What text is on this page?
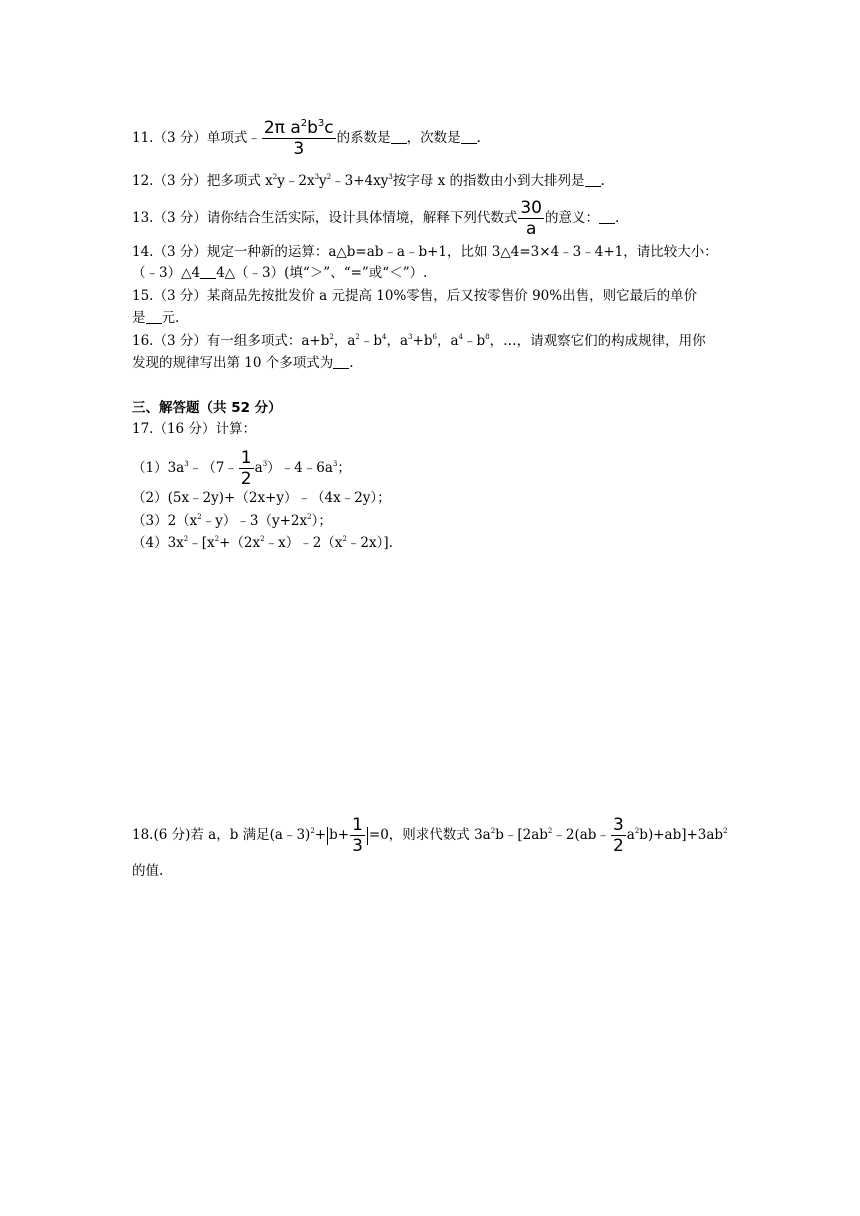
11.（3 分）单项式﹣ $\frac{2\pi a^2b^3c}{3}$ 的系数是 ，次数是 .
12.（3 分）把多项式 $x^2y﹣2x^3y^2﹣3+4xy^3$按字母 x 的指数由小到大排列是 .
13.（3 分）请你结合生活实际，设计具体情境，解释下列代数式 $\frac{30}{a}$ 的意义： .
14.（3 分）规定一种新的运算：a△b=ab﹣a﹣b+1，比如 3△4=3×4﹣3﹣4+1，请比较大小：
（﹣3）△4 4△（﹣3）(填“＞”、“=”或“＜”）.
15.（3 分）某商品先按批发价 a 元提高 10%零售，后又按零售价 90%出售，则它最后的单价
是 元.
16.（3 分）有一组多项式：$a+b^2$，$a^2﹣b^4$，$a^3+b^6$，$a^4﹣b^8$，…，请观察它们的构成规律，用你
发现的规律写出第 10 个多项式为 .
三、解答题（共 52 分）
17.（16 分）计算：
$(1)3a^3﹣(7﹣ \frac{1}{2}$ $a^3)﹣4﹣6a^3$；
（2）(5x﹣2y)+（2x+y）﹣（4x﹣2y）；
$(3)2(x^2﹣y)﹣3(y+2x^2)$；
$(4)3x^2﹣[x^2+(2x^2﹣x)﹣2(x^2﹣2x)]$.
18.(6 分)若 a，b 满足(a﹣3)$^2$+ $b+ \frac{1}{3} =0$，则求代数式 $3a^2b﹣[2ab^2﹣2(ab﹣ \frac{3}{2} a^2b)+ab]+3ab^2$
的值.
